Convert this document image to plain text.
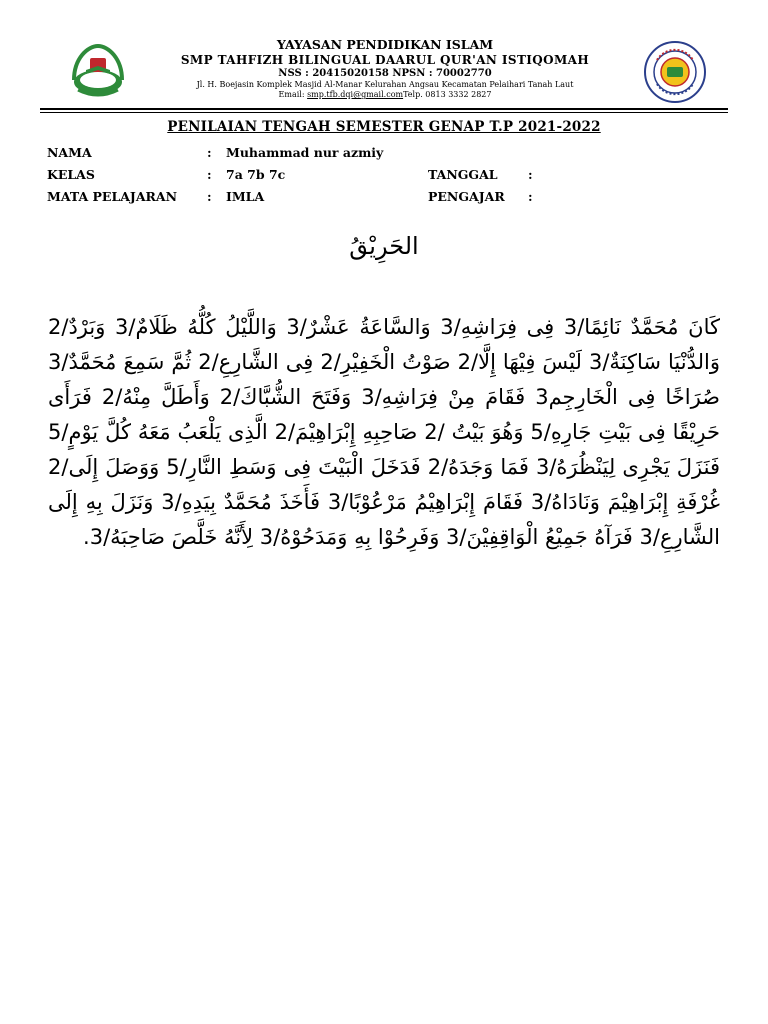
YAYASAN PENDIDIKAN ISLAM
SMP TAHFIZH BILINGUAL DAARUL QUR'AN ISTIQOMAH
NSS : 20415020158 NPSN : 70002770
Jl. H. Boejasin Komplek Masjid Al-Manar Kelurahan Angsau Kecamatan Pelaihari Tanah Laut
Email: smp.tfb.dqi@gmail.comTelp. 0813 3332 2827
PENILAIAN TENGAH SEMESTER GENAP T.P 2021-2022
NAMA	: Muhammad nur azmiy
KELAS	: 7a 7b 7c	TANGGAL :
MATA PELAJARAN : IMLA	PENGAJAR :
الحَرِيْقُ
كَانَ مُحَمَّدٌ نَائِمًا/3 فِى فِرَاشِهِ/3 وَالسَّاعَةُ عَشْرٌ/3 وَاللَّيْلُ كُلُّهُ ظَلَامٌ/3 وَبَرْدٌ/2 وَالدُّنْيَا سَاكِنَةٌ/3 لَيْسَ فِيْهَا إِلَّا/2 صَوْتُ الْخَفِيْرِ/2 فِى الشَّارِعِ/2 ثُمَّ سَمِعَ مُحَمَّدٌ/3 صُرَاخًا فِى الْخَارِجِم3 فَقَامَ مِنْ فِرَاشِهِ/3 وَفَتَحَ الشُّبَّاكَ/2 وَأَطَلَّ مِنْهُ/2 فَرَأَى حَرِيْقًا فِى بَيْتِ جَارِهِ/5 وَهُوَ بَيْتُ /2 صَاحِبِهِ إِبْرَاهِيْمَ/2 الَّذِى يَلْعَبُ مَعَهُ كُلَّ يَوْمٍ/5 فَنَزَلَ يَجْرِى لِيَنْظُرَهُ/3 فَمَا وَجَدَهُ/2 فَدَخَلَ الْبَيْتَ فِى وَسَطِ النَّارِ/5 وَوَصَلَ إِلَى/2 غُرْفَةِ إِبْرَاهِيْمَ وَنَادَاهُ/3 فَقَامَ إِبْرَاهِيْمُ مَرْعُوْبًا/3 فَأَخَذَ مُحَمَّدٌ بِيَدِهِ/3 وَنَزَلَ بِهِ إِلَى الشَّارِعِ/3 فَرَآهُ جَمِيْعُ الْوَاقِفِيْنَ/3 وَفَرِحُوْا بِهِ وَمَدَحُوْهُ/3 لِأَنَّهُ خَلَّصَ صَاحِبَهُ/3.
